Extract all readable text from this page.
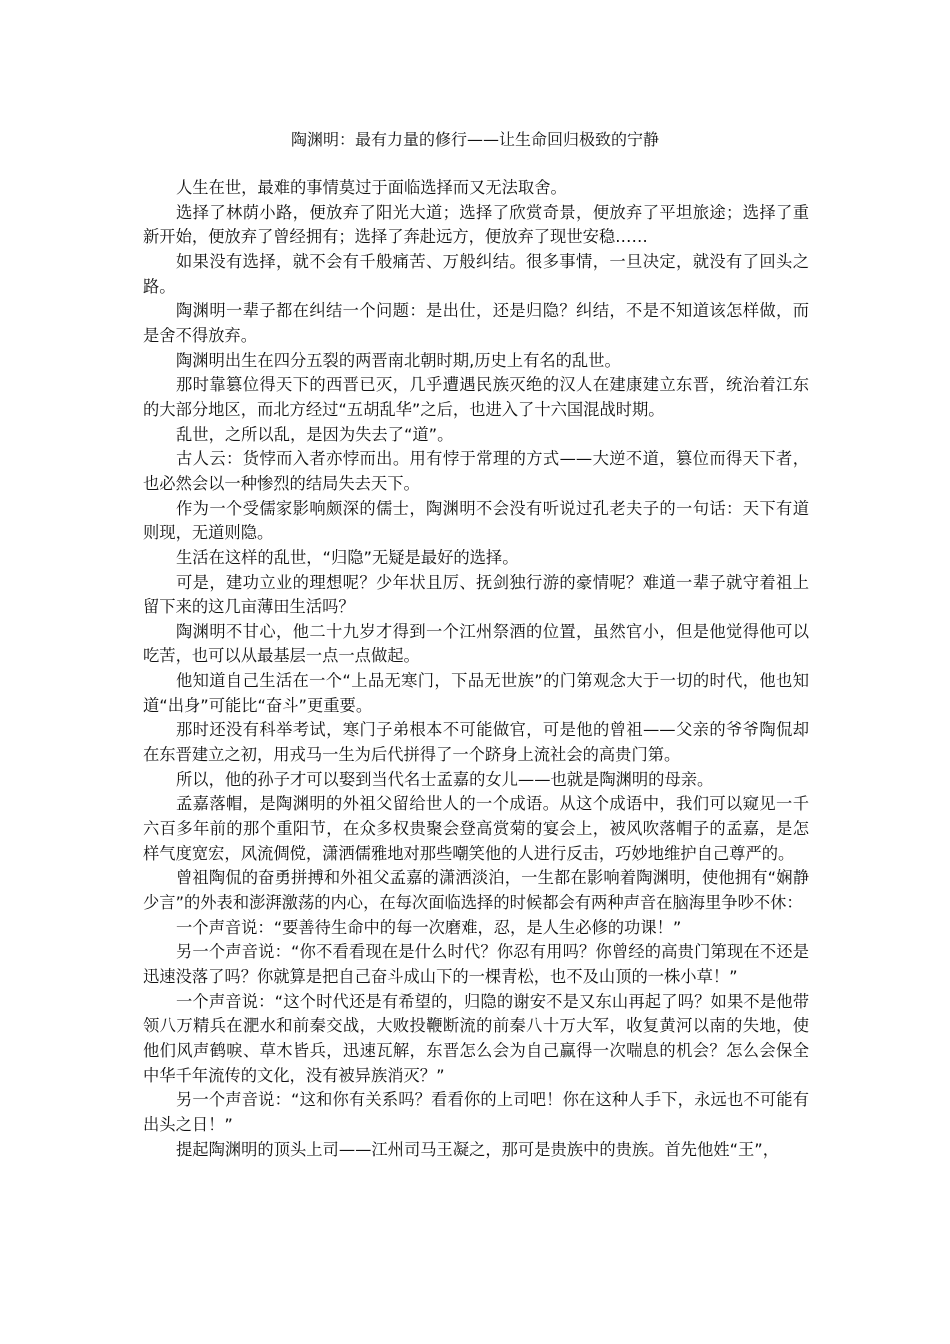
陶渊明：最有力量的修行——让生命回归极致的宁静

人生在世，最难的事情莫过于面临选择而又无法取舍。

选择了林荫小路，便放弃了阳光大道；选择了欣赏奇景，便放弃了平坦旅途；选择了重新开始，便放弃了曾经拥有；选择了奔赴远方，便放弃了现世安稳……

如果没有选择，就不会有千般痛苦、万般纠结。很多事情，一旦决定，就没有了回头之路。

陶渊明一辈子都在纠结一个问题：是出仕，还是归隐？纠结，不是不知道该怎样做，而是舍不得放弃。

陶渊明出生在四分五裂的两晋南北朝时期,历史上有名的乱世。

那时靠篡位得天下的西晋已灭，几乎遭遇民族灭绝的汉人在建康建立东晋，统治着江东的大部分地区，而北方经过“五胡乱华”之后，也进入了十六国混战时期。

乱世，之所以乱，是因为失去了“道”。

古人云：货悖而入者亦悖而出。用有悖于常理的方式——大逆不道，篡位而得天下者，也必然会以一种惨烈的结局失去天下。

作为一个受儒家影响颇深的儒士，陶渊明不会没有听说过孔老夫子的一句话：天下有道则现，无道则隐。

生活在这样的乱世，“归隐”无疑是最好的选择。

可是，建功立业的理想呢？少年状且厉、抚剑独行游的豪情呢？难道一辈子就守着祖上留下来的这几亩薄田生活吗？

陶渊明不甘心，他二十九岁才得到一个江州祭酒的位置，虽然官小，但是他觉得他可以吃苦，也可以从最基层一点一点做起。

他知道自己生活在一个“上品无寒门，下品无世族”的门第观念大于一切的时代，他也知道“出身”可能比“奋斗”更重要。

那时还没有科举考试，寒门子弟根本不可能做官，可是他的曾祖——父亲的爷爷陶侃却在东晋建立之初，用戎马一生为后代拼得了一个跻身上流社会的高贵门第。

所以，他的孙子才可以娶到当代名士孟嘉的女儿——也就是陶渊明的母亲。

孟嘉落帽，是陶渊明的外祖父留给世人的一个成语。从这个成语中，我们可以窥见一千六百多年前的那个重阳节，在众多权贵聚会登高赏菊的宴会上，被风吹落帽子的孟嘉，是怎样气度宽宏，风流倜傥，潇洒儒雅地对那些嘲笑他的人进行反击，巧妙地维护自己尊严的。

曾祖陶侃的奋勇拼搏和外祖父孟嘉的潇洒淡泊，一生都在影响着陶渊明，使他拥有“娴静少言”的外表和澎湃激荡的内心，在每次面临选择的时候都会有两种声音在脑海里争吵不休：

一个声音说：“要善待生命中的每一次磨难，忍，是人生必修的功课！”

另一个声音说：“你不看看现在是什么时代？你忍有用吗？你曾经的高贵门第现在不还是迅速没落了吗？你就算是把自己奋斗成山下的一棵青松，也不及山顶的一株小草！”

一个声音说：“这个时代还是有希望的，归隐的谢安不是又东山再起了吗？如果不是他带领八万精兵在淝水和前秦交战，大败投鞭断流的前秦八十万大军，收复黄河以南的失地，使他们风声鹤唳、草木皆兵，迅速瓦解，东晋怎么会为自己赢得一次喘息的机会？怎么会保全中华千年流传的文化，没有被异族消灭？”

另一个声音说：“这和你有关系吗？看看你的上司吧！你在这种人手下，永远也不可能有出头之日！”

提起陶渊明的顶头上司——江州司马王凝之，那可是贵族中的贵族。首先他姓“王”，
